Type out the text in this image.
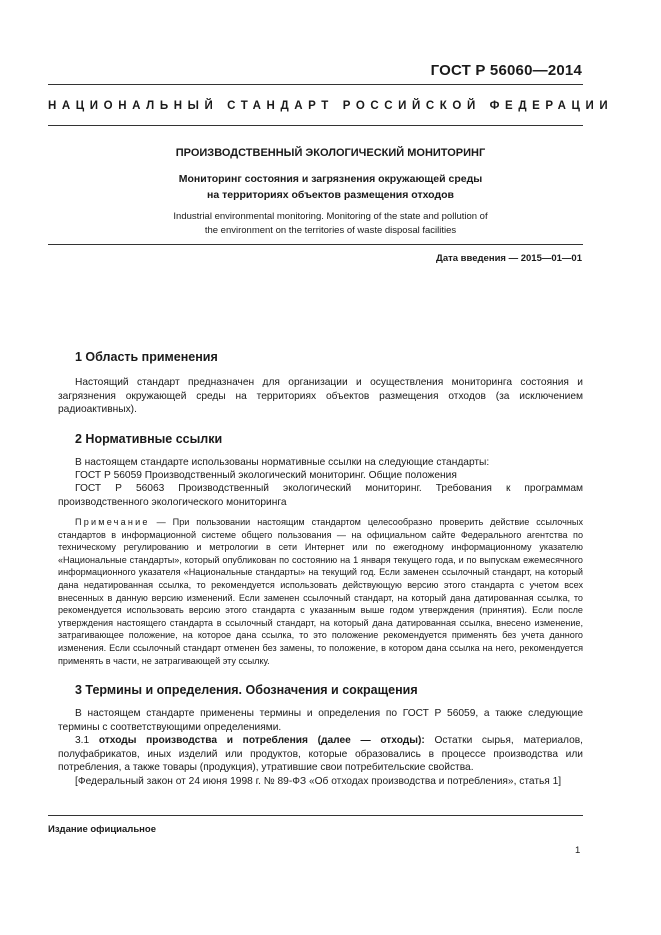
ГОСТ Р 56060—2014
НАЦИОНАЛЬНЫЙ СТАНДАРТ РОССИЙСКОЙ ФЕДЕРАЦИИ
ПРОИЗВОДСТВЕННЫЙ ЭКОЛОГИЧЕСКИЙ МОНИТОРИНГ
Мониторинг состояния и загрязнения окружающей среды
на территориях объектов размещения отходов
Industrial environmental monitoring. Monitoring of the state and pollution of
the environment on the territories of waste disposal facilities
Дата введения — 2015—01—01
1 Область применения
Настоящий стандарт предназначен для организации и осуществления мониторинга состояния и загрязнения окружающей среды на территориях объектов размещения отходов (за исключением радиоактивных).
2 Нормативные ссылки
В настоящем стандарте использованы нормативные ссылки на следующие стандарты:
ГОСТ Р 56059 Производственный экологический мониторинг. Общие положения
ГОСТ Р 56063 Производственный экологический мониторинг. Требования к программам производственного экологического мониторинга
Примечание — При пользовании настоящим стандартом целесообразно проверить действие ссылочных стандартов в информационной системе общего пользования — на официальном сайте Федерального агентства по техническому регулированию и метрологии в сети Интернет или по ежегодному информационному указателю «Национальные стандарты», который опубликован по состоянию на 1 января текущего года, и по выпускам ежемесячного информационного указателя «Национальные стандарты» на текущий год. Если заменен ссылочный стандарт, на который дана недатированная ссылка, то рекомендуется использовать действующую версию этого стандарта с учетом всех внесенных в данную версию изменений. Если заменен ссылочный стандарт, на который дана датированная ссылка, то рекомендуется использовать версию этого стандарта с указанным выше годом утверждения (принятия). Если после утверждения настоящего стандарта в ссылочный стандарт, на который дана датированная ссылка, внесено изменение, затрагивающее положение, на которое дана ссылка, то это положение рекомендуется применять без учета данного изменения. Если ссылочный стандарт отменен без замены, то положение, в котором дана ссылка на него, рекомендуется применять в части, не затрагивающей эту ссылку.
3 Термины и определения. Обозначения и сокращения
В настоящем стандарте применены термины и определения по ГОСТ Р 56059, а также следующие термины с соответствующими определениями.
3.1 отходы производства и потребления (далее — отходы): Остатки сырья, материалов, полуфабрикатов, иных изделий или продуктов, которые образовались в процессе производства или потребления, а также товары (продукция), утратившие свои потребительские свойства.
[Федеральный закон от 24 июня 1998 г. № 89-ФЗ «Об отходах производства и потребления», статья 1]
Издание официальное
1
